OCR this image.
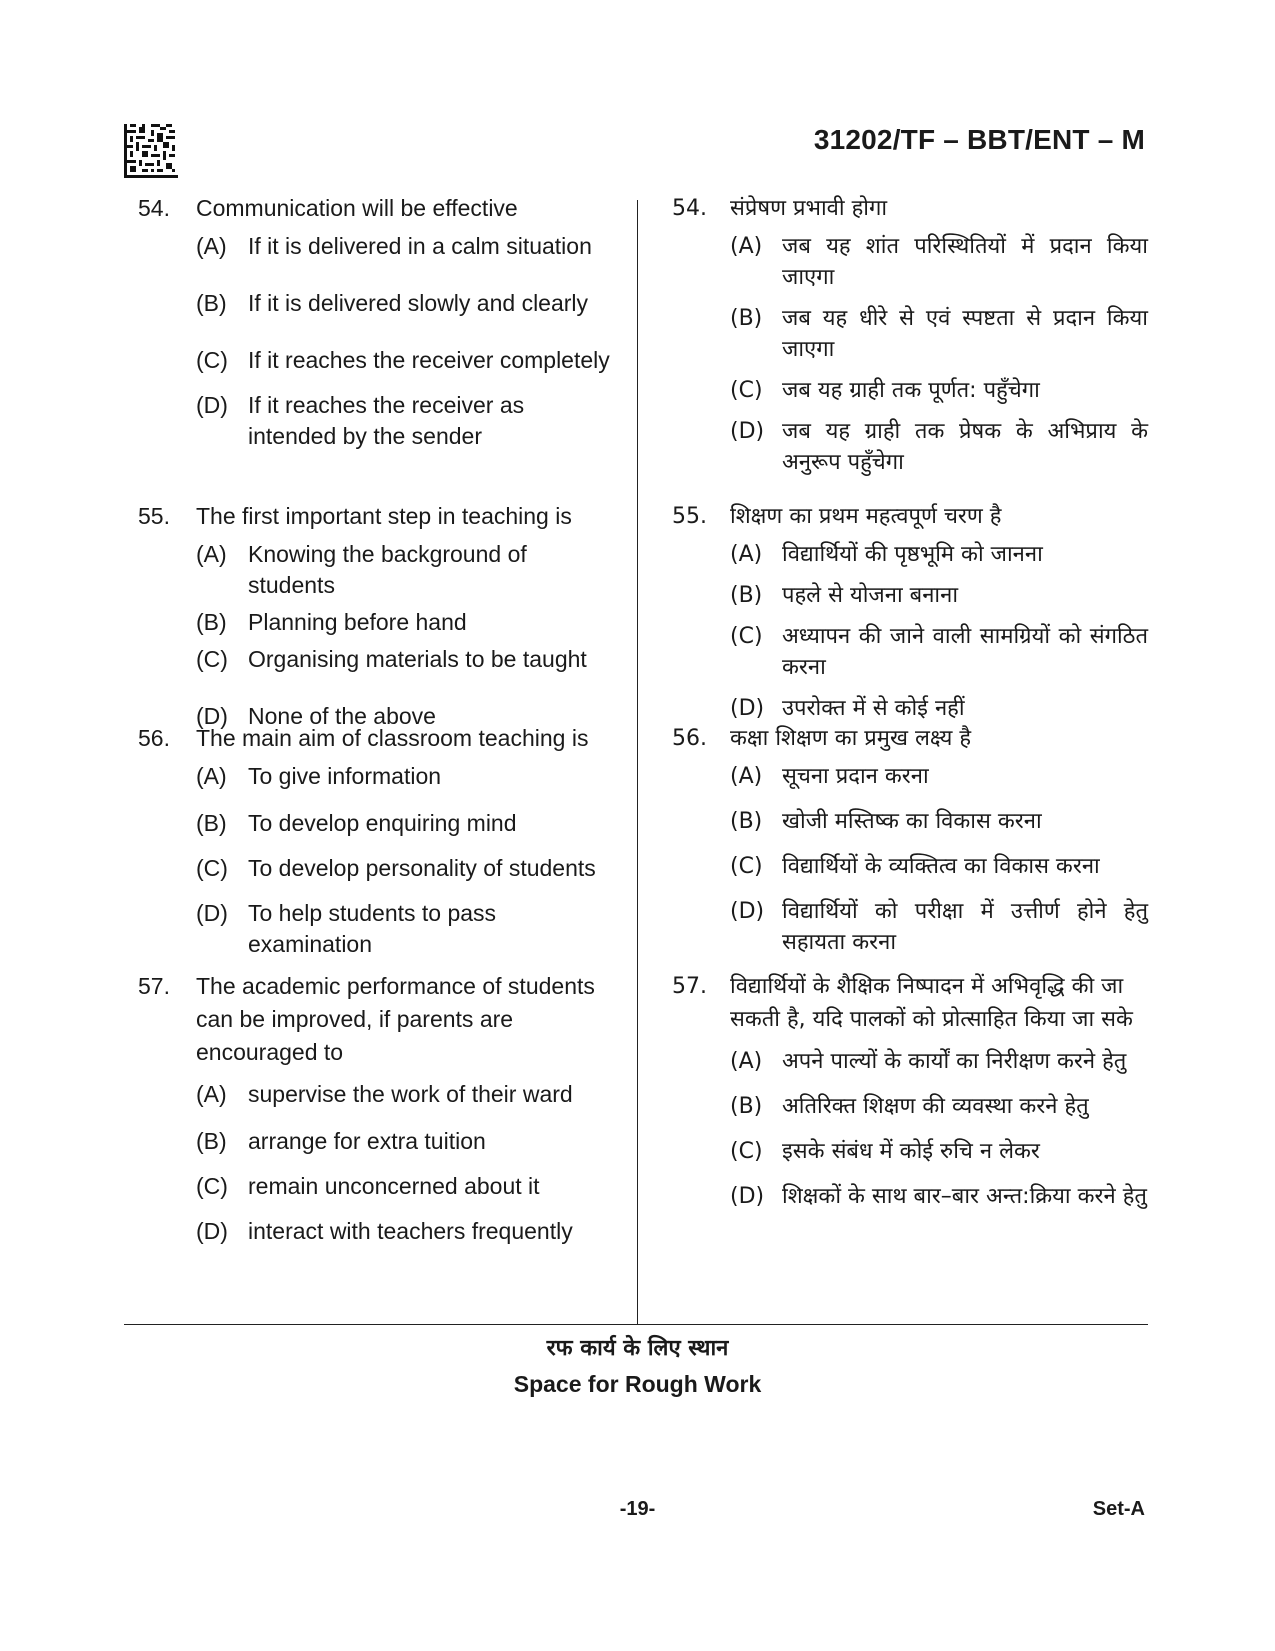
31202/TF – BBT/ENT – M
54.	Communication will be effective
(A) If it is delivered in a calm situation
(B) If it is delivered slowly and clearly
(C) If it reaches the receiver completely
(D) If it reaches the receiver as intended by the sender
55.	The first important step in teaching is
(A) Knowing the background of students
(B) Planning before hand
(C) Organising materials to be taught
(D) None of the above
56.	The main aim of classroom teaching is
(A) To give information
(B) To develop enquiring mind
(C) To develop personality of students
(D) To help students to pass examination
57.	The academic performance of students can be improved, if parents are encouraged to
(A) supervise the work of their ward
(B) arrange for extra tuition
(C) remain unconcerned about it
(D) interact with teachers frequently
54.	संप्रेषण प्रभावी होगा
(A) जब यह शांत परिस्थितियों में प्रदान किया जाएगा
(B) जब यह धीरे से एवं स्पष्टता से प्रदान किया जाएगा
(C) जब यह ग्राही तक पूर्णत: पहुँचेगा
(D) जब यह ग्राही तक प्रेषक के अभिप्राय के अनुरूप पहुँचेगा
55.	शिक्षण का प्रथम महत्वपूर्ण चरण है
(A) विद्यार्थियों की पृष्ठभूमि को जानना
(B) पहले से योजना बनाना
(C) अध्यापन की जाने वाली सामग्रियों को संगठित करना
(D) उपरोक्त में से कोई नहीं
56.	कक्षा शिक्षण का प्रमुख लक्ष्य है
(A) सूचना प्रदान करना
(B) खोजी मस्तिष्क का विकास करना
(C) विद्यार्थियों के व्यक्तित्व का विकास करना
(D) विद्यार्थियों को परीक्षा में उत्तीर्ण होने हेतु सहायता करना
57.	विद्यार्थियों के शैक्षिक निष्पादन में अभिवृद्धि की जा सकती है, यदि पालकों को प्रोत्साहित किया जा सके
(A) अपने पाल्यों के कार्यों का निरीक्षण करने हेतु
(B) अतिरिक्त शिक्षण की व्यवस्था करने हेतु
(C) इसके संबंध में कोई रुचि न लेकर
(D) शिक्षकों के साथ बार–बार अन्त:क्रिया करने हेतु
रफ कार्य के लिए स्थान
Space for Rough Work
-19-	Set-A
